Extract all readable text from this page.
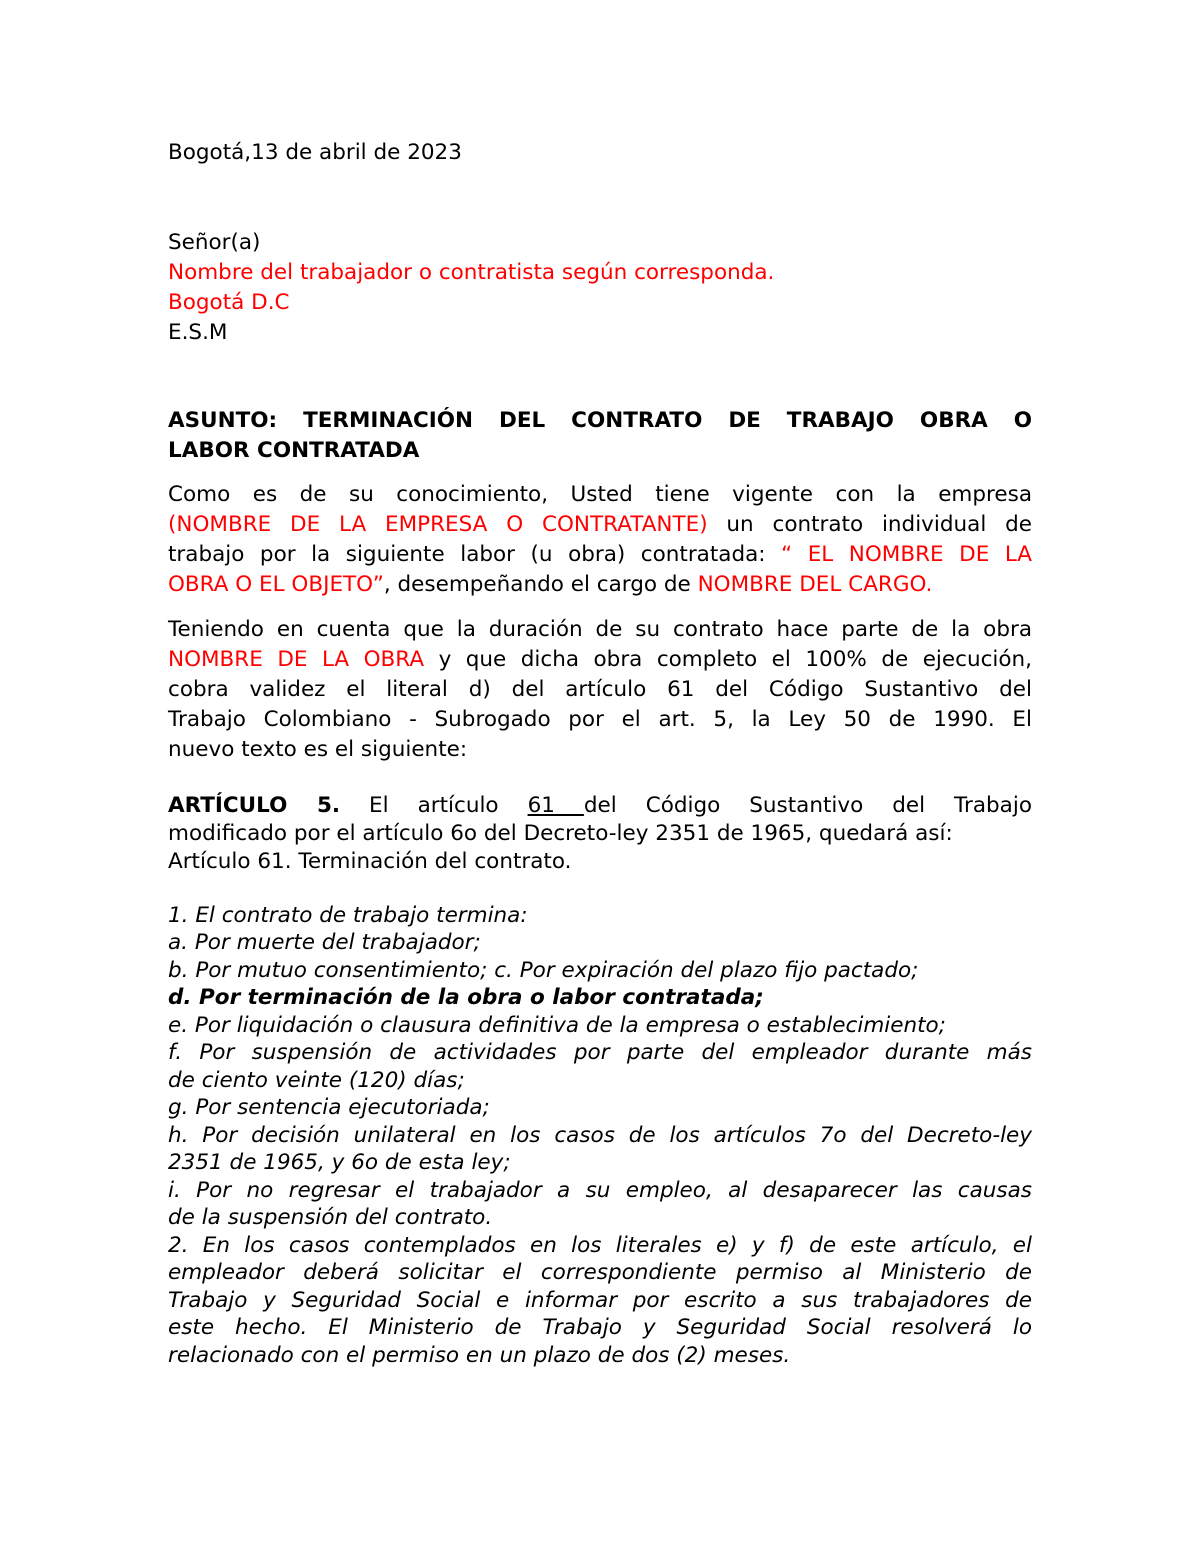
Bogotá,13 de abril de 2023
Señor(a)
Nombre del trabajador o contratista según corresponda.
Bogotá D.C
E.S.M
ASUNTO: TERMINACIÓN DEL CONTRATO DE TRABAJO OBRA O
LABOR CONTRATADA
Como es de su conocimiento, Usted tiene vigente con la empresa
(NOMBRE DE LA EMPRESA O CONTRATANTE) un contrato individual de
trabajo por la siguiente labor (u obra) contratada: “ EL NOMBRE DE LA
OBRA O EL OBJETO”, desempeñando el cargo de NOMBRE DEL CARGO.
Teniendo en cuenta que la duración de su contrato hace parte de la obra
NOMBRE DE LA OBRA y que dicha obra completo el 100% de ejecución,
cobra validez el literal d) del artículo 61 del Código Sustantivo del
Trabajo Colombiano - Subrogado por el art. 5, la Ley 50 de 1990. El
nuevo texto es el siguiente:
ARTÍCULO 5. El artículo 61 del Código Sustantivo del Trabajo
modificado por el artículo 6o del Decreto-ley 2351 de 1965, quedará así:
Artículo 61. Terminación del contrato.
1. El contrato de trabajo termina:
a. Por muerte del trabajador;
b. Por mutuo consentimiento; c. Por expiración del plazo fijo pactado;
d. Por terminación de la obra o labor contratada;
e. Por liquidación o clausura definitiva de la empresa o establecimiento;
f. Por suspensión de actividades por parte del empleador durante más
de ciento veinte (120) días;
g. Por sentencia ejecutoriada;
h. Por decisión unilateral en los casos de los artículos 7o del Decreto-ley
2351 de 1965, y 6o de esta ley;
i. Por no regresar el trabajador a su empleo, al desaparecer las causas
de la suspensión del contrato.
2. En los casos contemplados en los literales e) y f) de este artículo, el
empleador deberá solicitar el correspondiente permiso al Ministerio de
Trabajo y Seguridad Social e informar por escrito a sus trabajadores de
este hecho. El Ministerio de Trabajo y Seguridad Social resolverá lo
relacionado con el permiso en un plazo de dos (2) meses.
